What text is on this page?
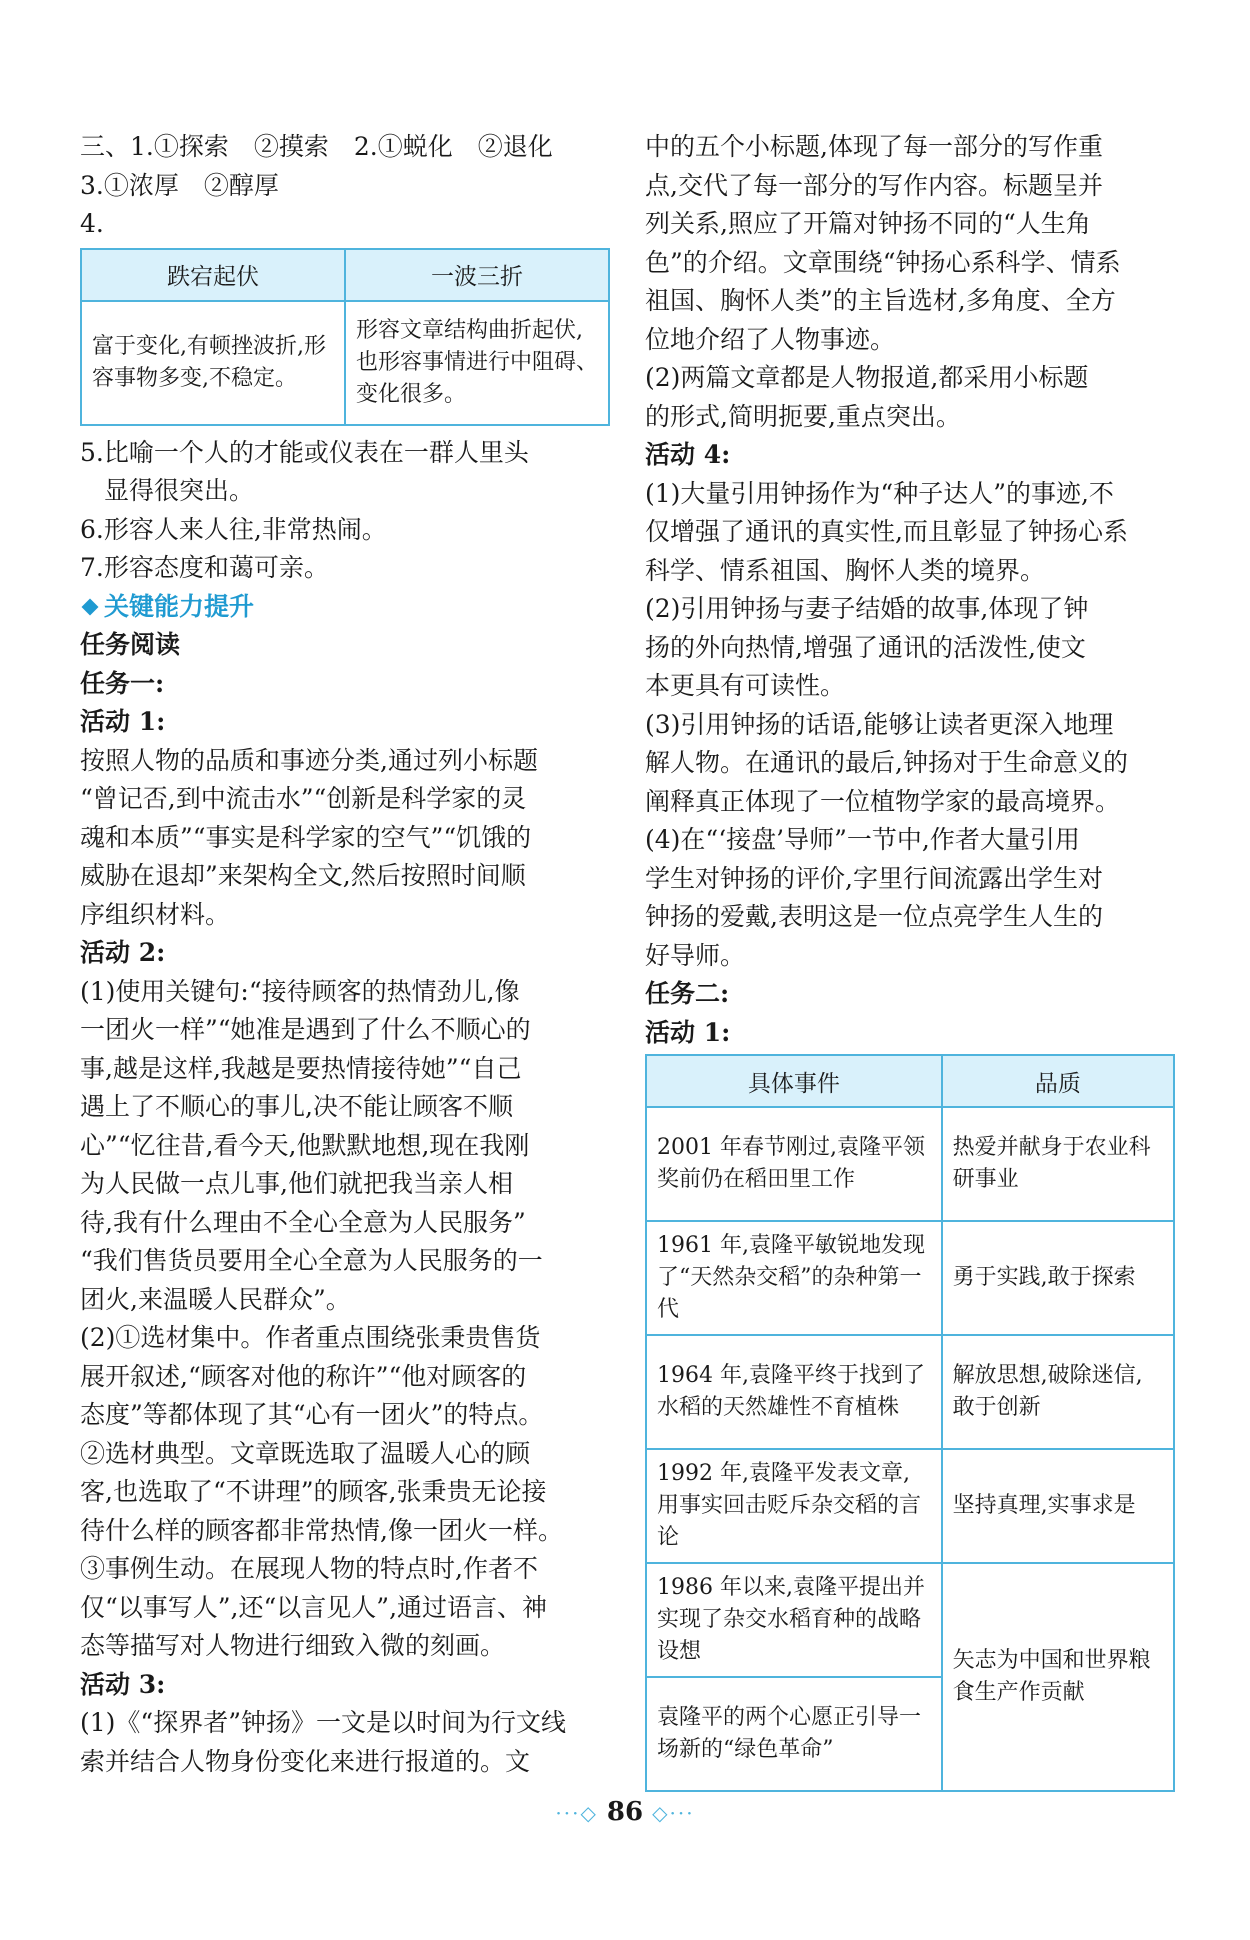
三、1.①探索　②摸索　2.①蜕化　②退化
3.①浓厚　②醇厚
4.
跌宕起伏	一波三折
富于变化,有顿挫波折,形容事物多变,不稳定。	形容文章结构曲折起伏,也形容事情进行中阻碍、变化很多。
5.比喻一个人的才能或仪表在一群人里头
显得很突出。
6.形容人来人往,非常热闹。
7.形容态度和蔼可亲。
关键能力提升
任务阅读
任务一:
活动 1:
按照人物的品质和事迹分类,通过列小标题
“曾记否,到中流击水”“创新是科学家的灵
魂和本质”“事实是科学家的空气”“饥饿的
威胁在退却”来架构全文,然后按照时间顺
序组织材料。
活动 2:
(1)使用关键句:“接待顾客的热情劲儿,像
一团火一样”“她准是遇到了什么不顺心的
事,越是这样,我越是要热情接待她”“自己
遇上了不顺心的事儿,决不能让顾客不顺
心”“忆往昔,看今天,他默默地想,现在我刚
为人民做一点儿事,他们就把我当亲人相
待,我有什么理由不全心全意为人民服务”
“我们售货员要用全心全意为人民服务的一
团火,来温暖人民群众”。
(2)①选材集中。作者重点围绕张秉贵售货
展开叙述,“顾客对他的称许”“他对顾客的
态度”等都体现了其“心有一团火”的特点。
②选材典型。文章既选取了温暖人心的顾
客,也选取了“不讲理”的顾客,张秉贵无论接
待什么样的顾客都非常热情,像一团火一样。
③事例生动。在展现人物的特点时,作者不
仅“以事写人”,还“以言见人”,通过语言、神
态等描写对人物进行细致入微的刻画。
活动 3:
(1)《“探界者”钟扬》一文是以时间为行文线
索并结合人物身份变化来进行报道的。文
中的五个小标题,体现了每一部分的写作重
点,交代了每一部分的写作内容。标题呈并
列关系,照应了开篇对钟扬不同的“人生角
色”的介绍。文章围绕“钟扬心系科学、情系
祖国、胸怀人类”的主旨选材,多角度、全方
位地介绍了人物事迹。
(2)两篇文章都是人物报道,都采用小标题
的形式,简明扼要,重点突出。
活动 4:
(1)大量引用钟扬作为“种子达人”的事迹,不
仅增强了通讯的真实性,而且彰显了钟扬心系
科学、情系祖国、胸怀人类的境界。
(2)引用钟扬与妻子结婚的故事,体现了钟
扬的外向热情,增强了通讯的活泼性,使文
本更具有可读性。
(3)引用钟扬的话语,能够让读者更深入地理
解人物。在通讯的最后,钟扬对于生命意义的
阐释真正体现了一位植物学家的最高境界。
(4)在“‘接盘’导师”一节中,作者大量引用
学生对钟扬的评价,字里行间流露出学生对
钟扬的爱戴,表明这是一位点亮学生人生的
好导师。
任务二:
活动 1:
具体事件	品质
2001 年春节刚过,袁隆平领奖前仍在稻田里工作	热爱并献身于农业科研事业
1961 年,袁隆平敏锐地发现了“天然杂交稻”的杂种第一代	勇于实践,敢于探索
1964 年,袁隆平终于找到了水稻的天然雄性不育植株	解放思想,破除迷信,敢于创新
1992 年,袁隆平发表文章,用事实回击贬斥杂交稻的言论	坚持真理,实事求是
1986 年以来,袁隆平提出并实现了杂交水稻育种的战略设想	矢志为中国和世界粮食生产作贡献
袁隆平的两个心愿正引导一场新的“绿色革命”	
···◇ 86 ◇···
